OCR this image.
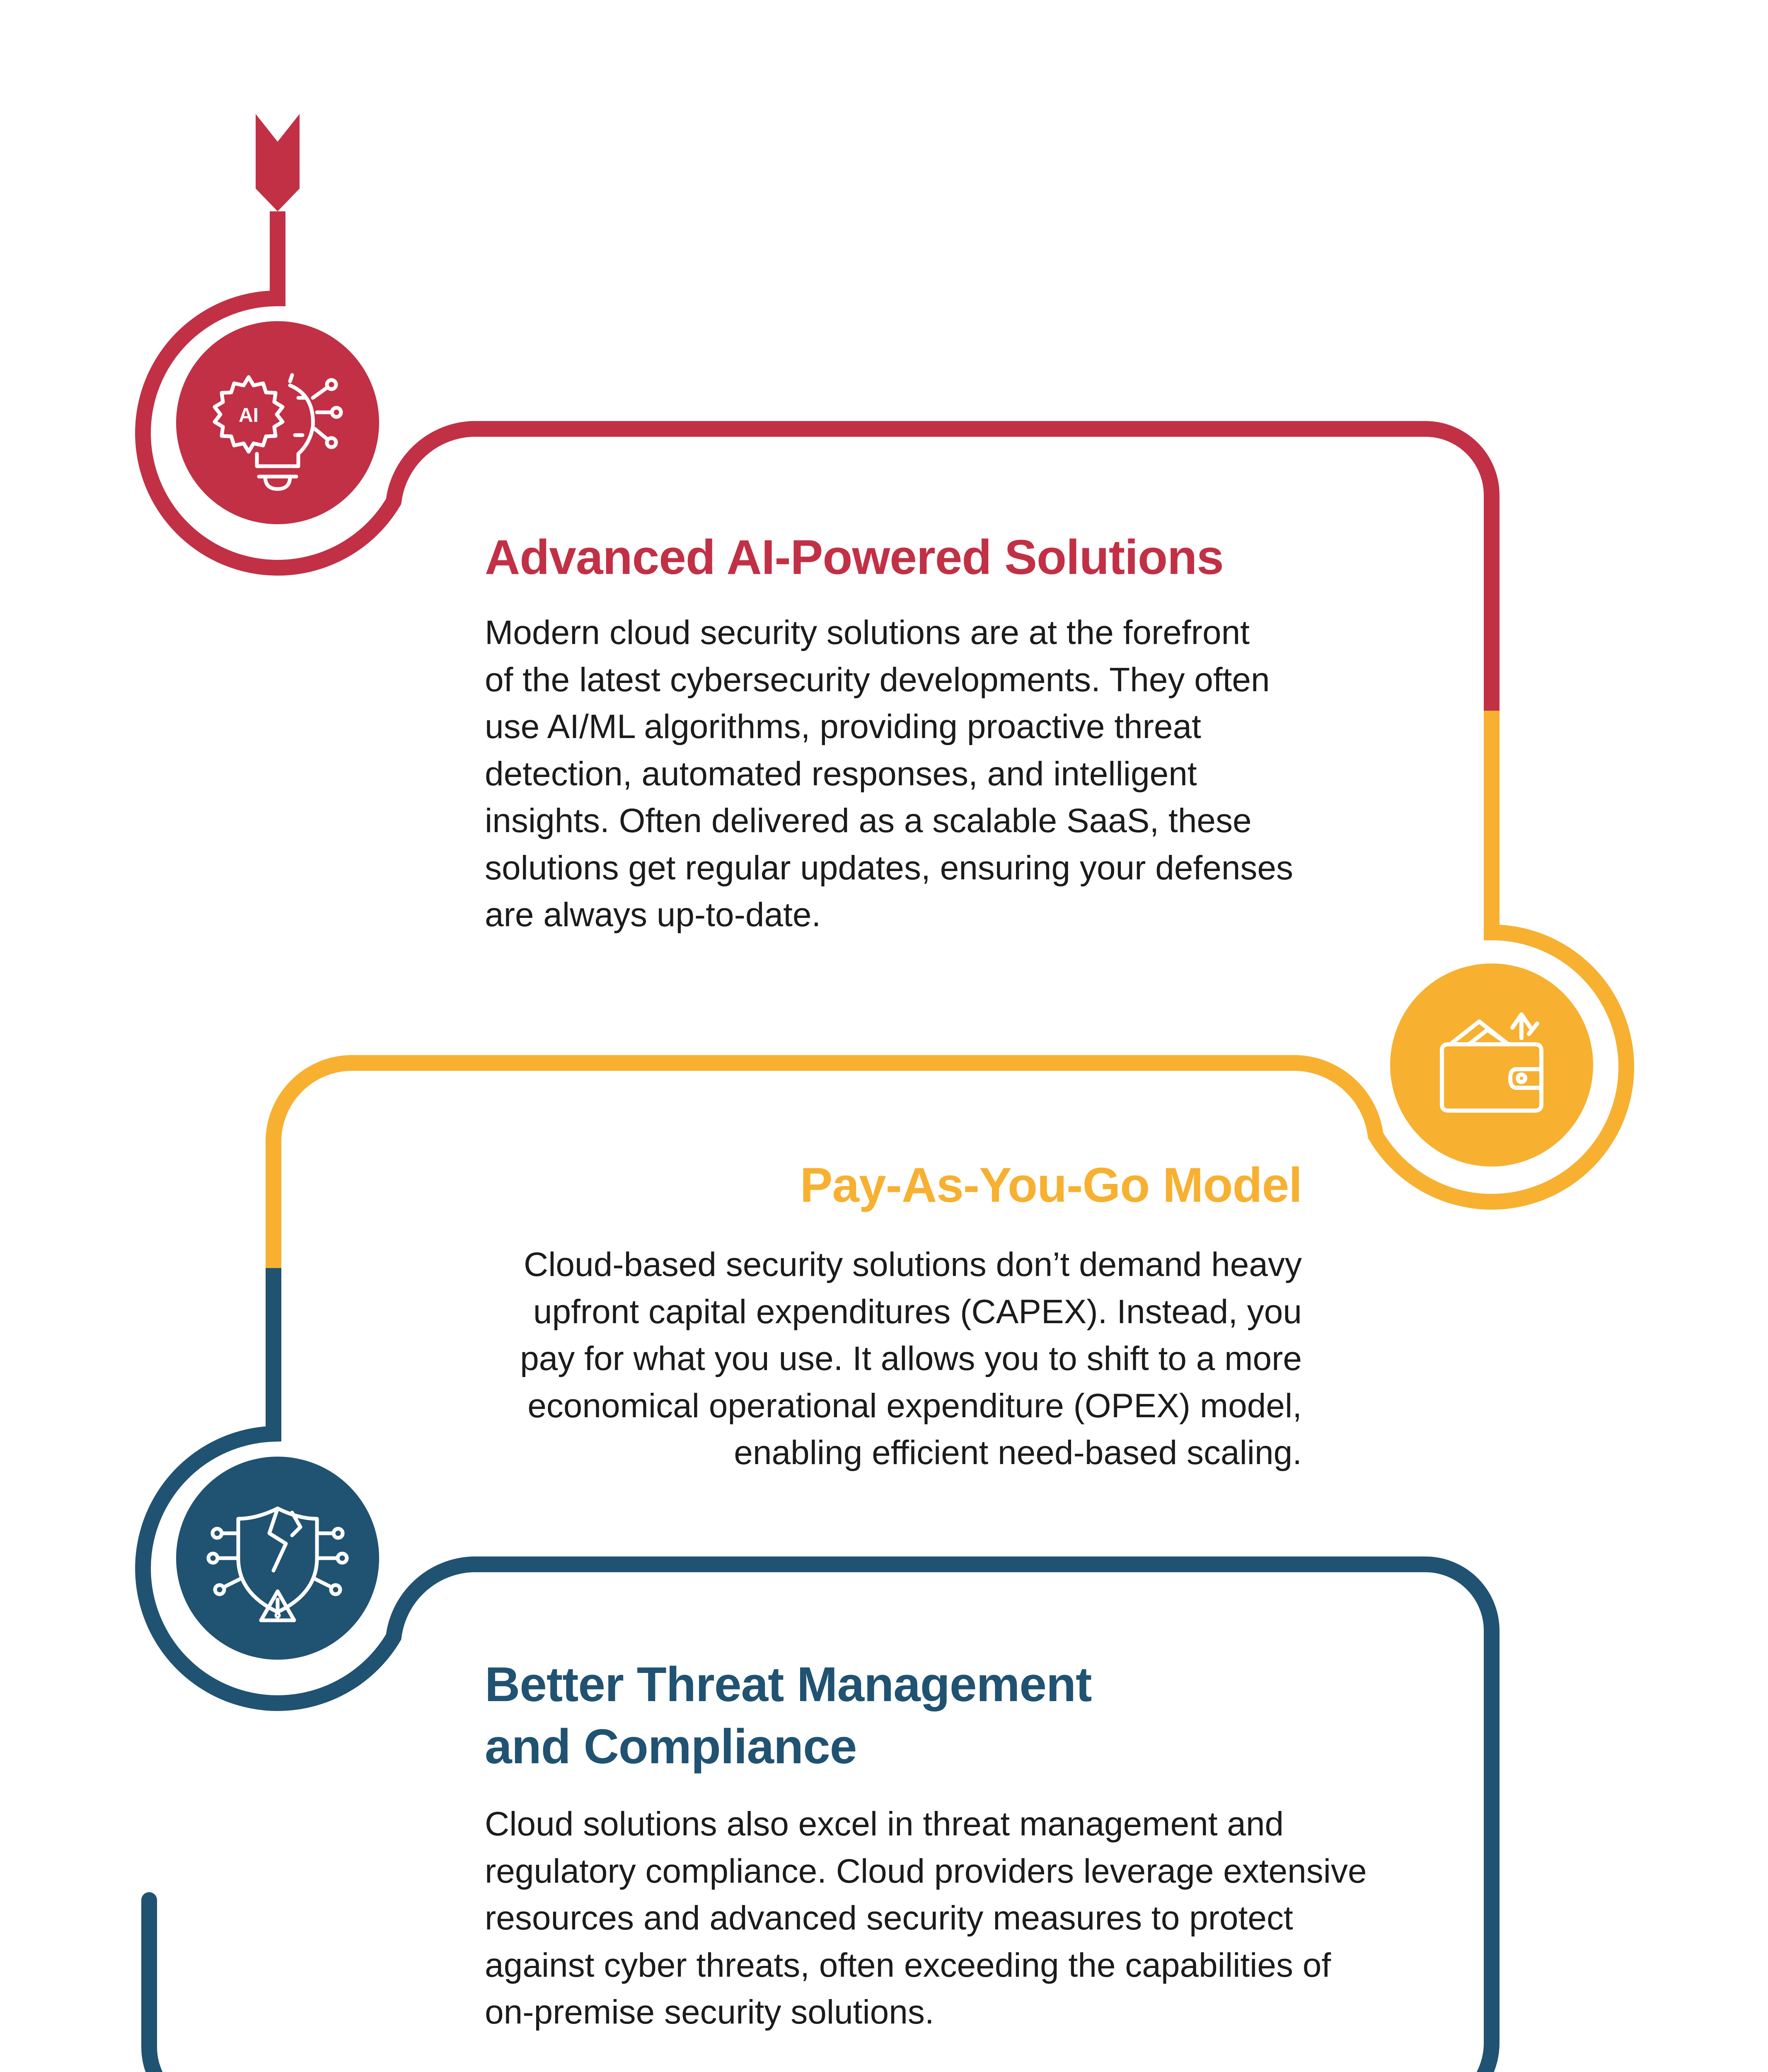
AI
Advanced AI-Powered Solutions
Modern cloud security solutions are at the forefront
of the latest cybersecurity developments. They often
use AI/ML algorithms, providing proactive threat
detection, automated responses, and intelligent
insights. Often delivered as a scalable SaaS, these
solutions get regular updates, ensuring your defenses
are always up-to-date.
Pay-As-You-Go Model
Cloud-based security solutions don’t demand heavy
upfront capital expenditures (CAPEX). Instead, you
pay for what you use. It allows you to shift to a more
economical operational expenditure (OPEX) model,
enabling efficient need-based scaling.
Better Threat Management
and Compliance
Cloud solutions also excel in threat management and
regulatory compliance. Cloud providers leverage extensive
resources and advanced security measures to protect
against cyber threats, often exceeding the capabilities of
on-premise security solutions.
